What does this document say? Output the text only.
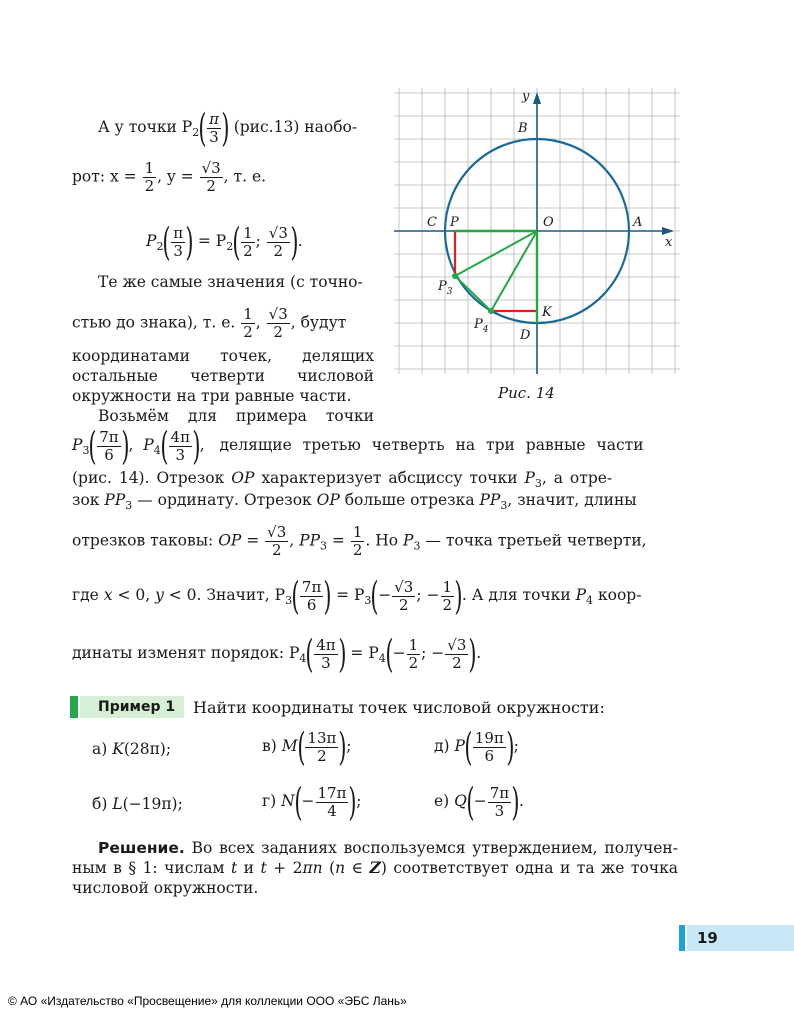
А у точки $P_2( \frac{\pi}{3}$ ) (рис.13) наобо-
рот: $x = \frac{1}{2}$ , $y = \frac{√3}{2}$ , т. е.
$P_2( \frac{\pi}{3}$ ) = $P_2( \frac{1}{2}$ ; $\frac{√3}{2}$ ).
Те же самые значения (с точно-
стью до знака), т. е. $\frac{1}{2}$ , $\frac{√3}{2}$ , будут
координатами точек, делящих
остальные четверти числовой
окружности на три равные части.
Возьмём для примера точки
$P_3( \frac{7\pi}{6}$ ),  $P_4( \frac{4\pi}{3}$ ),   делящие третью четверть на три равные части
(рис. 14). Отрезок OP характеризует абсциссу точки $P_3$, а отре-
зок $PP_3$ — ординату. Отрезок OP больше отрезка $PP_3$, значит, длины
отрезков таковы: OP = $\frac{√3}{2}$ , $PP_3 = \frac{1}{2}$ . Но $P_3$ — точка третьей четверти,
где x < 0, y < 0. Значит, $P_3( \frac{7\pi}{6}$ ) = $P_3(- \frac{√3}{2}$ ; − $\frac{1}{2}$ ). А для точки $P_4$ коор-
динаты изменят порядок: $P_4( \frac{4\pi}{3}$ ) = $P_4(- \frac{1}{2}$ ; − $\frac{√3}{2}$ ).
y
x
B
A
C P	O
K
D
$P_3$
$P_4$
Рис. 14
Пример 1	Найти координаты точек числовой окружности:
а) K(28π);	в) $M( \frac{13\pi}{2}$ );	д) $P( \frac{19\pi}{6}$ );
б) L(−19π);	г) $N(- \frac{17\pi}{4}$ );	е) $Q(- \frac{7\pi}{3}$ ).
Решение. Во всех заданиях воспользуемся утверждением, получен-
ным в § 1: числам t и t + 2πn (n ∈ Z) соответствует одна и та же точка
числовой окружности.
19
© АО «Издательство «Просвещение» для коллекции ООО «ЭБС Лань»
